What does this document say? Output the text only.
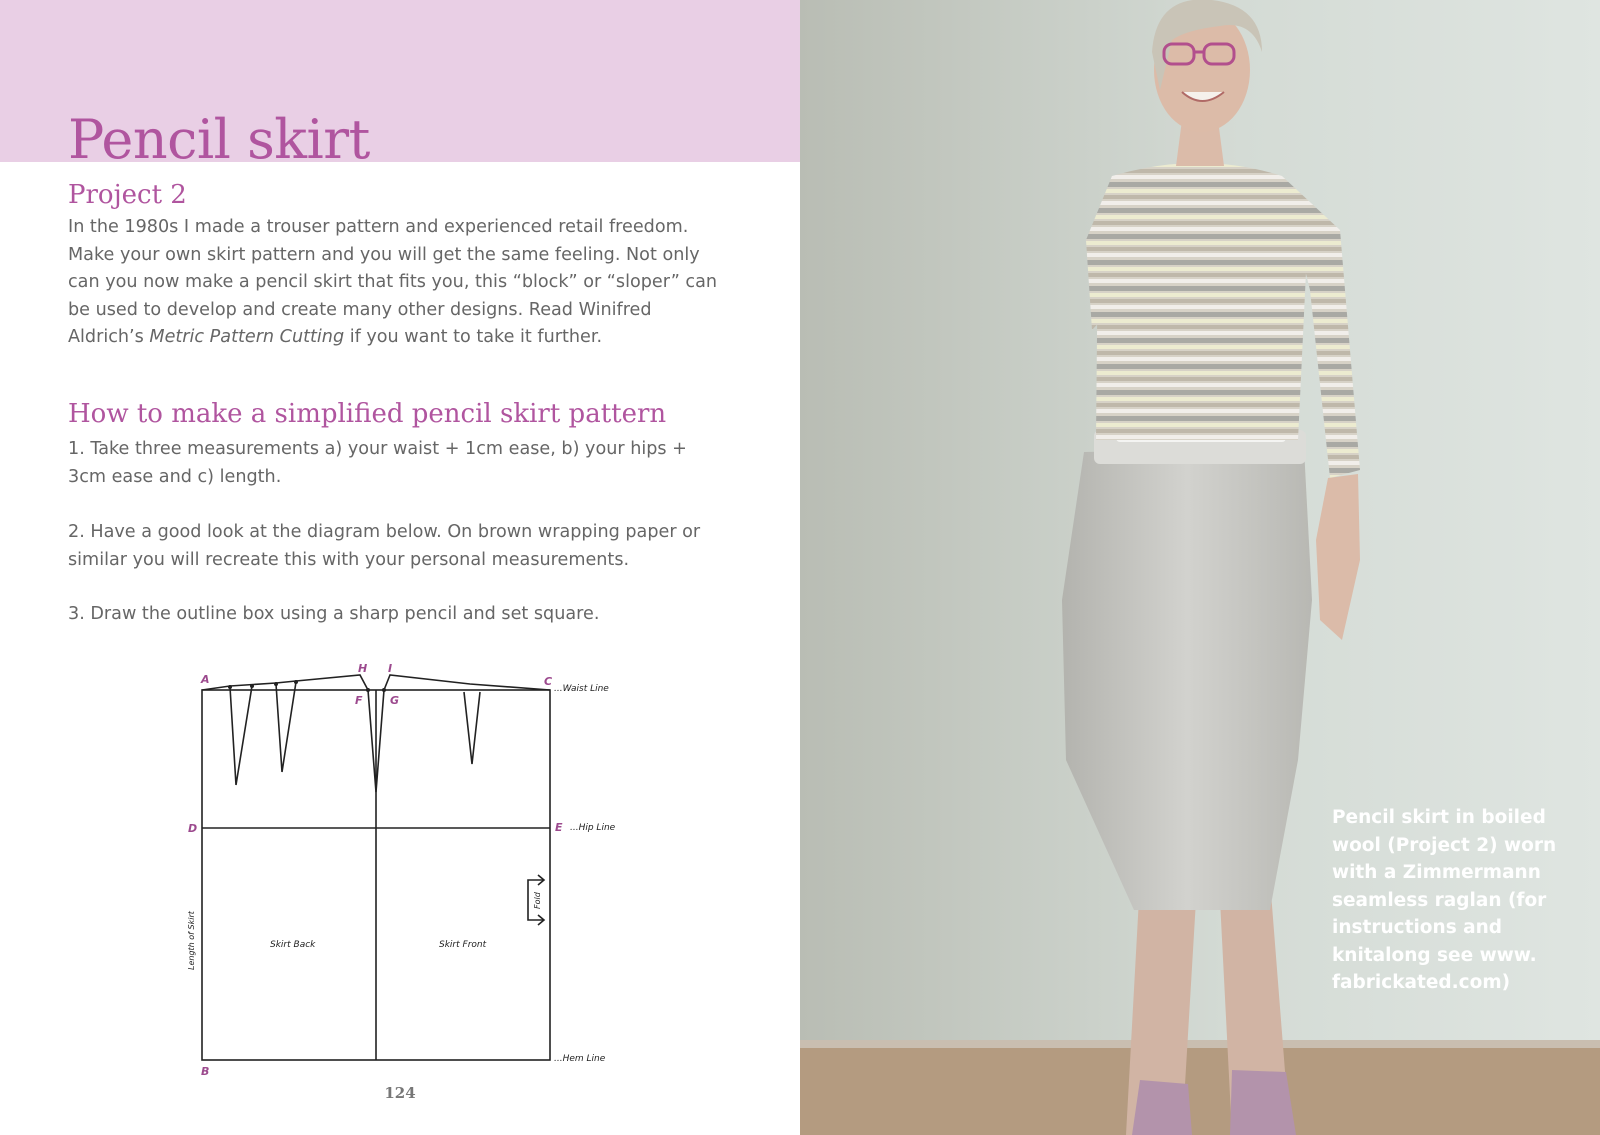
Pencil skirt
Project 2

In the 1980s I made a trouser pattern and experienced retail freedom. Make your own skirt pattern and you will get the same feeling. Not only can you now make a pencil skirt that fits you, this “block” or “sloper” can be used to develop and create many other designs. Read Winifred Aldrich’s Metric Pattern Cutting if you want to take it further.

How to make a simplified pencil skirt pattern

1. Take three measurements a) your waist + 1cm ease, b) your hips + 3cm ease and c) length.

2. Have a good look at the diagram below. On brown wrapping paper or similar you will recreate this with your personal measurements.

3. Draw the outline box using a sharp pencil and set square.

A
H I
C
F G
D	E
B
...Waist Line
...Hip Line
...Hem Line
Skirt Back	Skirt Front
Fold
Length of Skirt
124

Pencil skirt in boiled wool (Project 2) worn with a Zimmermann seamless raglan (for instructions and knitalong see www. fabrickated.com)
